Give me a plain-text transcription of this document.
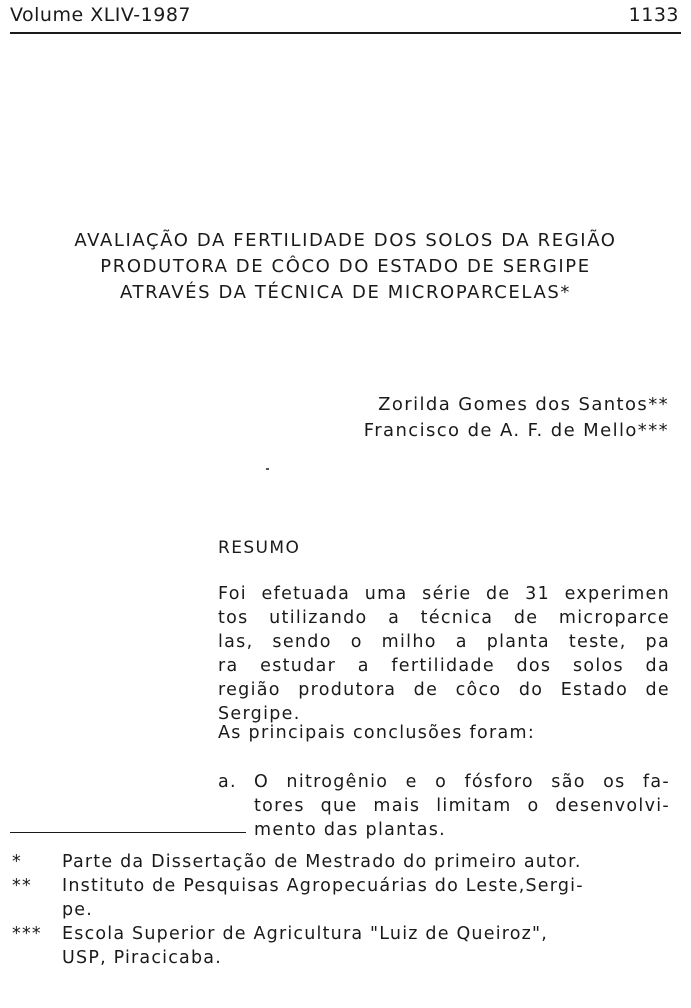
Volume XLIV-1987	1133
AVALIAÇÃO DA FERTILIDADE DOS SOLOS DA REGIÃO
PRODUTORA DE CÔCO DO ESTADO DE SERGIPE
ATRAVÉS DA TÉCNICA DE MICROPARCELAS*
Zorilda Gomes dos Santos**
Francisco de A. F. de Mello***
RESUMO
Foi efetuada uma série de 31 experimen
tos utilizando a técnica de microparce
las, sendo o milho a planta teste, pa
ra estudar a fertilidade dos solos da
região produtora de côco do Estado de
Sergipe.
As principais conclusões foram:
a. O nitrogênio e o fósforo são os fa-
tores que mais limitam o desenvolvi-
mento das plantas.
* Parte da Dissertação de Mestrado do primeiro autor.
** Instituto de Pesquisas Agropecuárias do Leste,Sergi-
pe.
*** Escola Superior de Agricultura "Luiz de Queiroz",
USP, Piracicaba.
